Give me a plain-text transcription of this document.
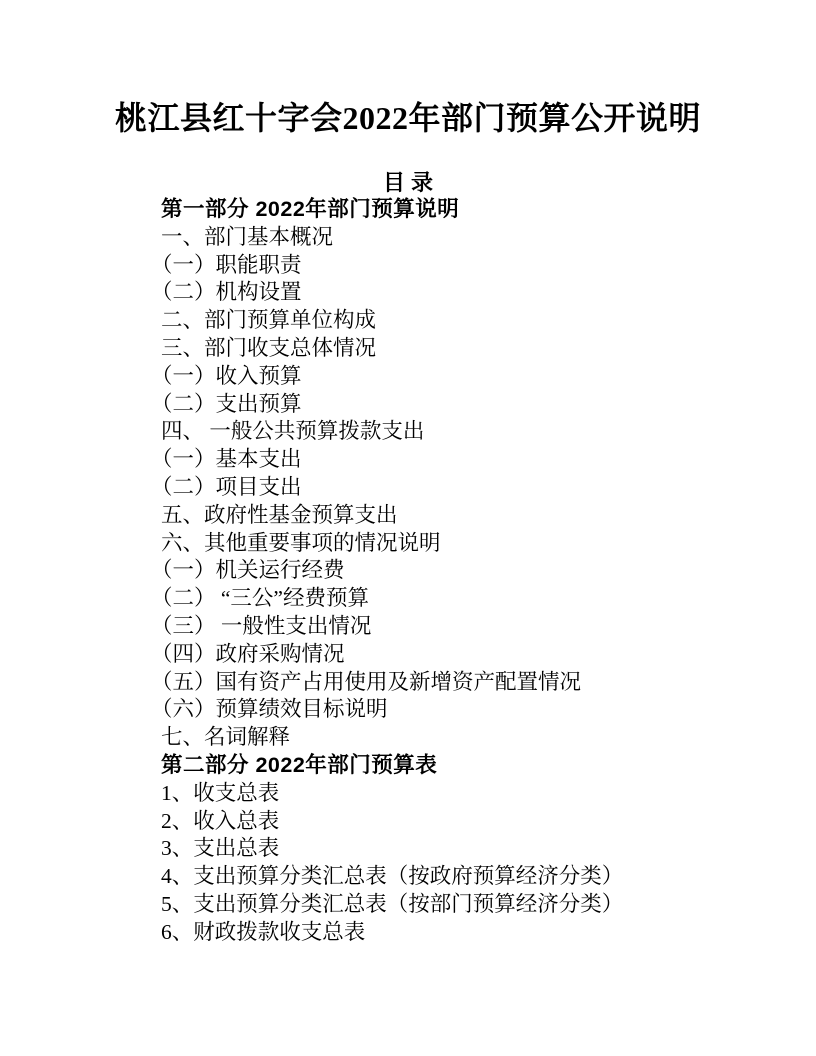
桃江县红十字会2022年部门预算公开说明
目 录
第一部分 2022年部门预算说明
一、部门基本概况
（一）职能职责
（二）机构设置
二、部门预算单位构成
三、部门收支总体情况
（一）收入预算
（二）支出预算
四、 一般公共预算拨款支出
（一）基本支出
（二）项目支出
五、政府性基金预算支出
六、其他重要事项的情况说明
（一）机关运行经费
（二） “三公”经费预算
（三） 一般性支出情况
（四）政府采购情况
（五）国有资产占用使用及新增资产配置情况
（六）预算绩效目标说明
七、名词解释
第二部分 2022年部门预算表
1、收支总表
2、收入总表
3、支出总表
4、支出预算分类汇总表（按政府预算经济分类）
5、支出预算分类汇总表（按部门预算经济分类）
6、财政拨款收支总表
